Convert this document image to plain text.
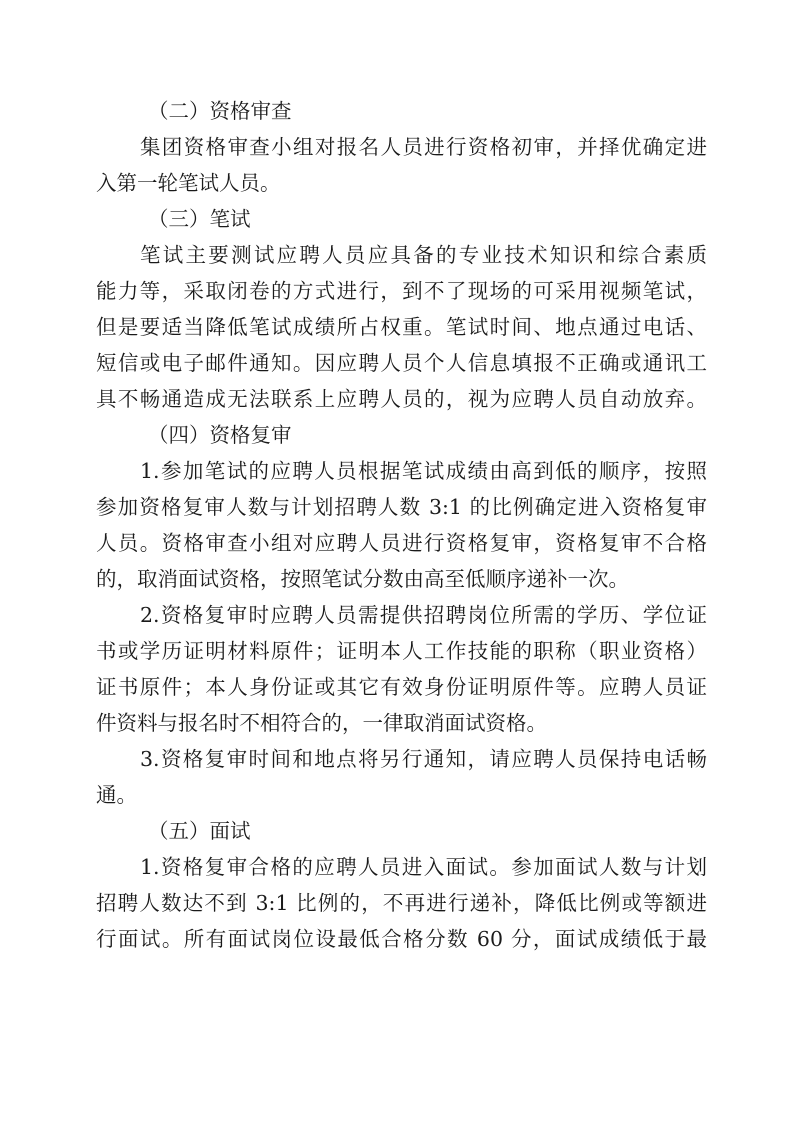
（二）资格审查
集团资格审查小组对报名人员进行资格初审，并择优确定进
入第一轮笔试人员。
（三）笔试
笔试主要测试应聘人员应具备的专业技术知识和综合素质
能力等，采取闭卷的方式进行，到不了现场的可采用视频笔试，
但是要适当降低笔试成绩所占权重。笔试时间、地点通过电话、
短信或电子邮件通知。因应聘人员个人信息填报不正确或通讯工
具不畅通造成无法联系上应聘人员的，视为应聘人员自动放弃。
（四）资格复审
1.参加笔试的应聘人员根据笔试成绩由高到低的顺序，按照
参加资格复审人数与计划招聘人数 3:1 的比例确定进入资格复审
人员。资格审查小组对应聘人员进行资格复审，资格复审不合格
的，取消面试资格，按照笔试分数由高至低顺序递补一次。
2.资格复审时应聘人员需提供招聘岗位所需的学历、学位证
书或学历证明材料原件；证明本人工作技能的职称（职业资格）
证书原件；本人身份证或其它有效身份证明原件等。应聘人员证
件资料与报名时不相符合的，一律取消面试资格。
3.资格复审时间和地点将另行通知，请应聘人员保持电话畅
通。
（五）面试
1.资格复审合格的应聘人员进入面试。参加面试人数与计划
招聘人数达不到 3:1 比例的，不再进行递补，降低比例或等额进
行面试。所有面试岗位设最低合格分数 60 分，面试成绩低于最
